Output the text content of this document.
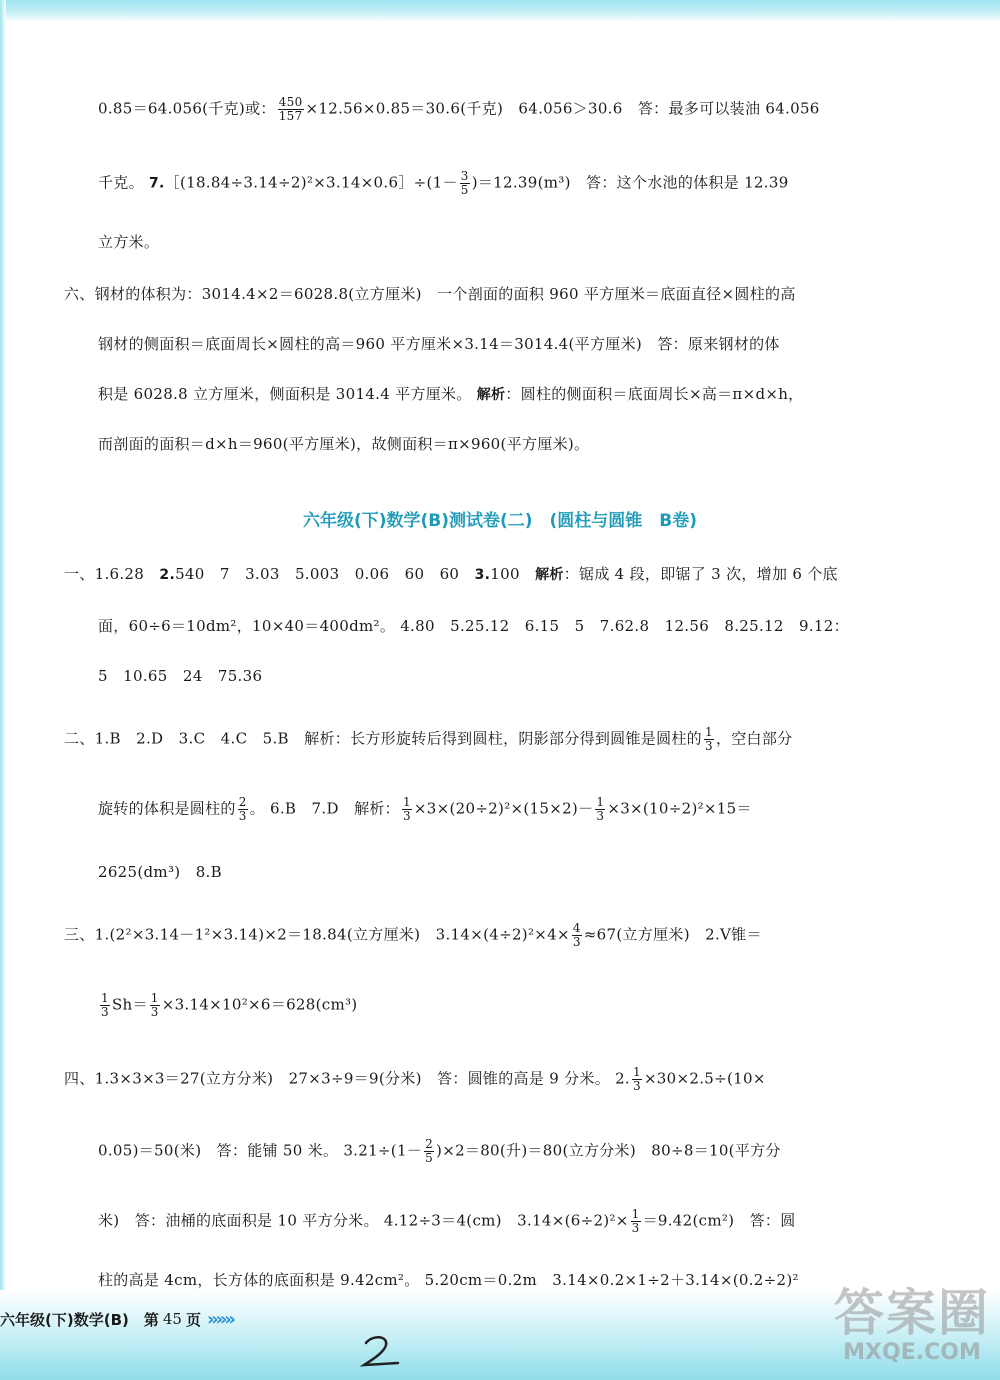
0.85＝64.056(千克)或： $\frac{450}{157} \times 12.56\times 0.85=30.6$(千克)　64.056＞30.6　答：最多可以装油 64.056
千克。 7.［(18.84÷3.14÷2)²×3.14×0.6］÷(1－ $\frac{3}{5} )=12.39(m^3)$　答：这个水池的体积是 12.39
立方米。
六、钢材的体积为：3014.4×2＝6028.8(立方厘米)　一个剖面的面积 960 平方厘米＝底面直径×圆柱的高
钢材的侧面积＝底面周长×圆柱的高＝960 平方厘米×3.14＝3014.4(平方厘米)　答：原来钢材的体
积是 6028.8 立方厘米，侧面积是 3014.4 平方厘米。 解析：圆柱的侧面积＝底面周长×高＝π×d×h，
而剖面的面积＝d×h＝960(平方厘米)，故侧面积＝π×960(平方厘米)。
六年级(下)数学(B)测试卷(二)　(圆柱与圆锥　B卷)
一、1.6.28　2.540　7　3.03　5.003　0.06　60　60　3.100　解析：锯成 4 段，即锯了 3 次，增加 6 个底
面，60÷6＝10dm²，10×40＝400dm²。 4.80　5.25.12　6.15　5　7.62.8　12.56　8.25.12　9.12：
5　10.65　24　75.36
二、1.B　2.D　3.C　4.C　5.B　解析：长方形旋转后得到圆柱，阴影部分得到圆锥是圆柱的 $\frac{1}{3}$ ，空白部分
旋转的体积是圆柱的 $\frac{2}{3}$ 。 6.B　7.D　解析： $\frac{1}{3} \times 3\times(20\div 2)^2\times(15\times 2)- \frac{1}{3} \times 3\times(10\div 2)^2\times 15=$
2625(dm³)　8.B
三、1.(2²×3.14－1²×3.14)×2＝18.84(立方厘米)　$3.14\times(4\div 2)^2\times 4\times \frac{4}{3} \approx 67$(立方厘米)　2.V锥＝
$\frac{1}{3} Sh= \frac{1}{3} \times 3.14\times 10^2\times 6=628(cm^3)$
四、1.3×3×3＝27(立方分米)　27×3÷9＝9(分米)　答：圆锥的高是 9 分米。 2. $\frac{1}{3} \times 30\times 2.5\div(10\times$
0.05)＝50(米)　答：能铺 50 米。 $3.21\div(1- \frac{2}{5} )\times 2=80$(升)＝80(立方分米)　80÷8＝10(平方分
米)　答：油桶的底面积是 10 平方分米。 4.12÷3＝4(cm)　$3.14\times(6\div 2)^2\times \frac{1}{3} =9.42(cm^2)$　答：圆
柱的高是 4cm，长方体的底面积是 9.42cm²。 5.20cm＝0.2m　3.14×0.2×1÷2＋3.14×(0.2÷2)²
六年级(下)数学(B)　第 45 页 »»»	答案圈
MXQE.COM
